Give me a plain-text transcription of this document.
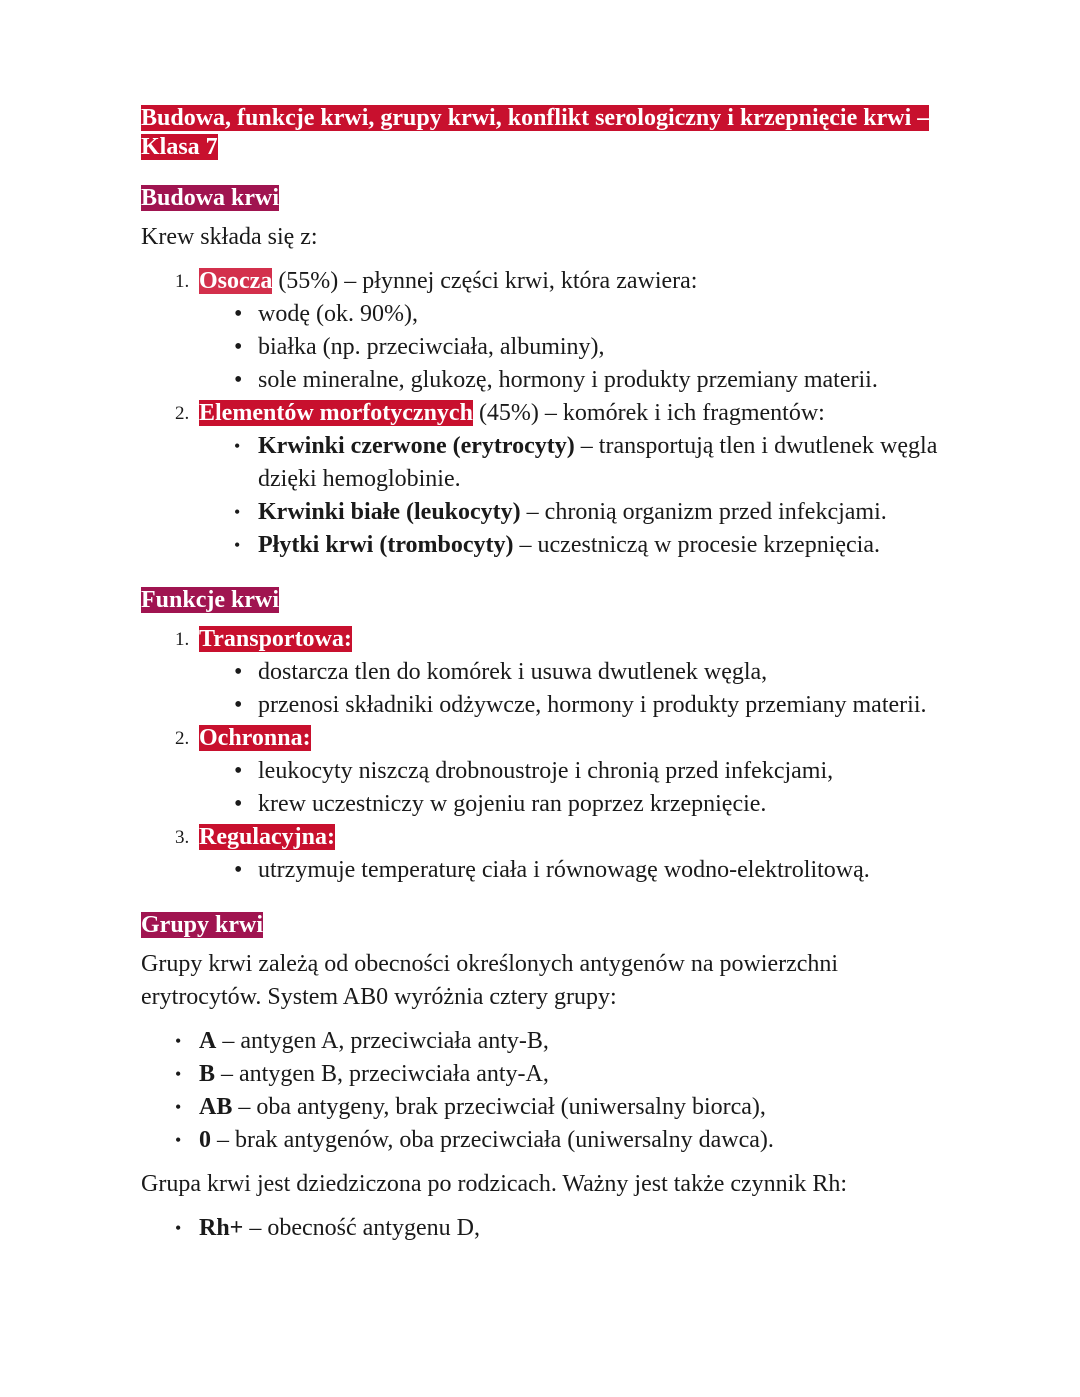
Budowa, funkcje krwi, grupy krwi, konflikt serologiczny i krzepnięcie krwi – Klasa 7
Budowa krwi

Krew składa się z:

1. Osocza (55%) – płynnej części krwi, która zawiera:
• wodę (ok. 90%),
• białka (np. przeciwciała, albuminy),
• sole mineralne, glukozę, hormony i produkty przemiany materii.
2. Elementów morfotycznych (45%) – komórek i ich fragmentów:
• Krwinki czerwone (erytrocyty) – transportują tlen i dwutlenek węgla dzięki hemoglobinie.
• Krwinki białe (leukocyty) – chronią organizm przed infekcjami.
• Płytki krwi (trombocyty) – uczestniczą w procesie krzepnięcia.
Funkcje krwi
1. Transportowa:
• dostarcza tlen do komórek i usuwa dwutlenek węgla,
• przenosi składniki odżywcze, hormony i produkty przemiany materii.
2. Ochronna:
• leukocyty niszczą drobnoustroje i chronią przed infekcjami,
• krew uczestniczy w gojeniu ran poprzez krzepnięcie.
3. Regulacyjna:
• utrzymuje temperaturę ciała i równowagę wodno-elektrolitową.
Grupy krwi

Grupy krwi zależą od obecności określonych antygenów na powierzchni erytrocytów. System AB0 wyróżnia cztery grupy:

• A – antygen A, przeciwciała anty-B,
• B – antygen B, przeciwciała anty-A,
• AB – oba antygeny, brak przeciwciał (uniwersalny biorca),
• 0 – brak antygenów, oba przeciwciała (uniwersalny dawca).

Grupa krwi jest dziedziczona po rodzicach. Ważny jest także czynnik Rh:

• Rh+ – obecność antygenu D,
